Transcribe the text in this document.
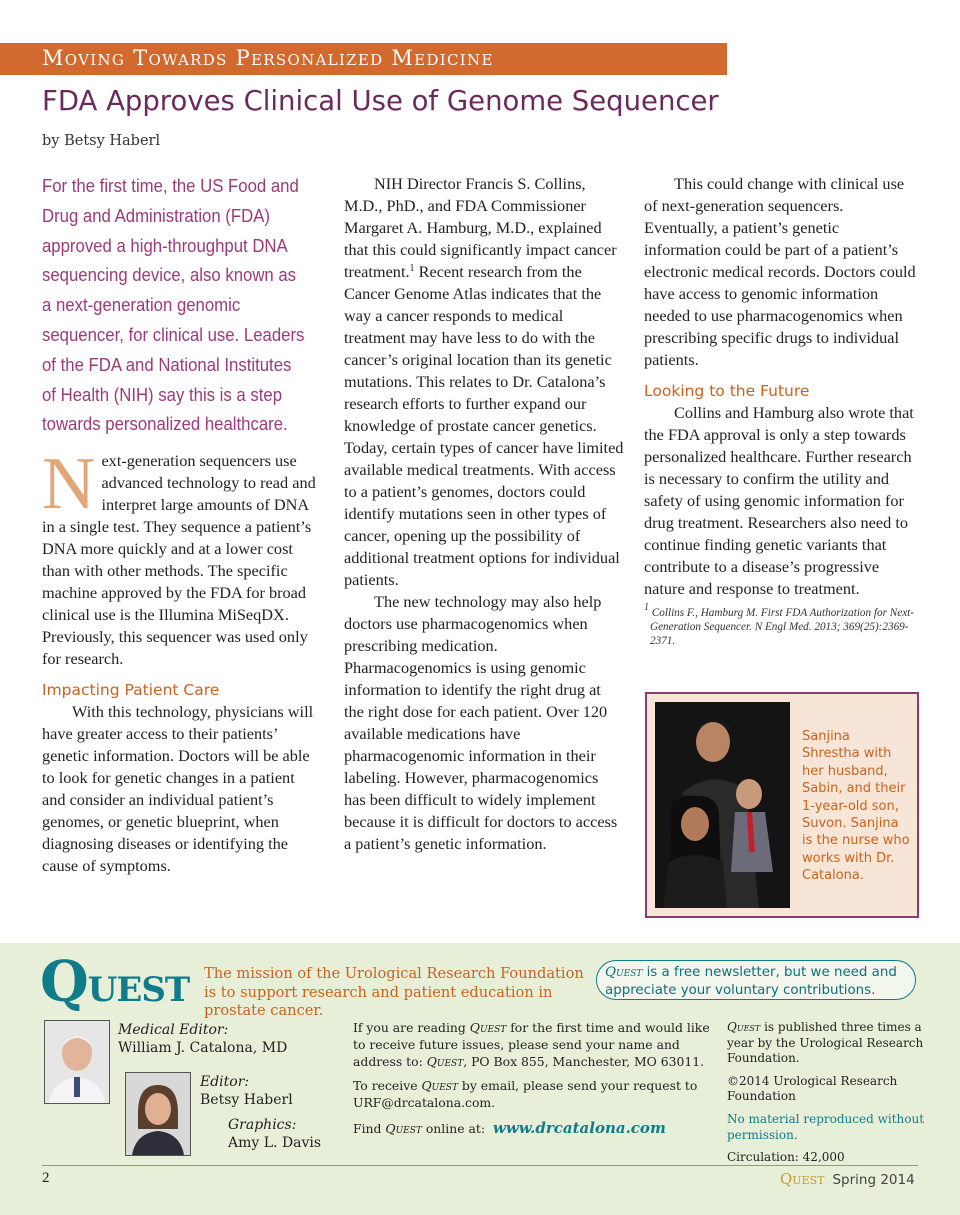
Moving Towards Personalized Medicine
FDA Approves Clinical Use of Genome Sequencer
by Betsy Haberl
For the first time, the US Food and Drug and Administration (FDA) approved a high-throughput DNA sequencing device, also known as a next-generation genomic sequencer, for clinical use. Leaders of the FDA and National Institutes of Health (NIH) say this is a step towards personalized healthcare.

Next-generation sequencers use advanced technology to read and interpret large amounts of DNA in a single test. They sequence a patient’s DNA more quickly and at a lower cost than with other methods. The specific machine approved by the FDA for broad clinical use is the Illumina MiSeqDX. Previously, this sequencer was used only for research.

Impacting Patient Care

With this technology, physicians will have greater access to their patients’ genetic information. Doctors will be able to look for genetic changes in a patient and consider an individual patient’s genomes, or genetic blueprint, when diagnosing diseases or identifying the cause of symptoms.

NIH Director Francis S. Collins, M.D., PhD., and FDA Commissioner Margaret A. Hamburg, M.D., explained that this could significantly impact cancer treatment.$^1$ Recent research from the Cancer Genome Atlas indicates that the way a cancer responds to medical treatment may have less to do with the cancer’s original location than its genetic mutations. This relates to Dr. Catalona’s research efforts to further expand our knowledge of prostate cancer genetics. Today, certain types of cancer have limited available medical treatments. With access to a patient’s genomes, doctors could identify mutations seen in other types of cancer, opening up the possibility of additional treatment options for individual patients.

The new technology may also help doctors use pharmacogenomics when prescribing medication. Pharmacogenomics is using genomic information to identify the right drug at the right dose for each patient. Over 120 available medications have pharmacogenomic information in their labeling. However, pharmacogenomics has been difficult to widely implement because it is difficult for doctors to access a patient’s genetic information.

This could change with clinical use of next-generation sequencers. Eventually, a patient’s genetic information could be part of a patient’s electronic medical records. Doctors could have access to genomic information needed to use pharmacogenomics when prescribing specific drugs to individual patients.

Looking to the Future

Collins and Hamburg also wrote that the FDA approval is only a step towards personalized healthcare. Further research is necessary to confirm the utility and safety of using genomic information for drug treatment. Researchers also need to continue finding genetic variants that contribute to a disease’s progressive nature and response to treatment.

$^1$ Collins F., Hamburg M. First FDA Authorization for Next-Generation Sequencer. N Engl Med. 2013; 369(25):2369-2371.
Sanjina Shrestha with her husband, Sabin, and their 1-year-old son, Suvon. Sanjina is the nurse who works with Dr. Catalona.
QUEST The mission of the Urological Research Foundation is to support research and patient education in prostate cancer.
Quest is a free newsletter, but we need and appreciate your voluntary contributions.
Medical Editor:
William J. Catalona, MD
Editor:
Betsy Haberl
Graphics:
Amy L. Davis

If you are reading Quest for the first time and would like to receive future issues, please send your name and address to: Quest, PO Box 855, Manchester, MO 63011.

To receive Quest by email, please send your request to URF@drcatalona.com.

Find Quest online at: www.drcatalona.com

Quest is published three times a year by the Urological Research Foundation.

©2014 Urological Research Foundation

No material reproduced without permission.

Circulation: 42,000

2	Quest Spring 2014
